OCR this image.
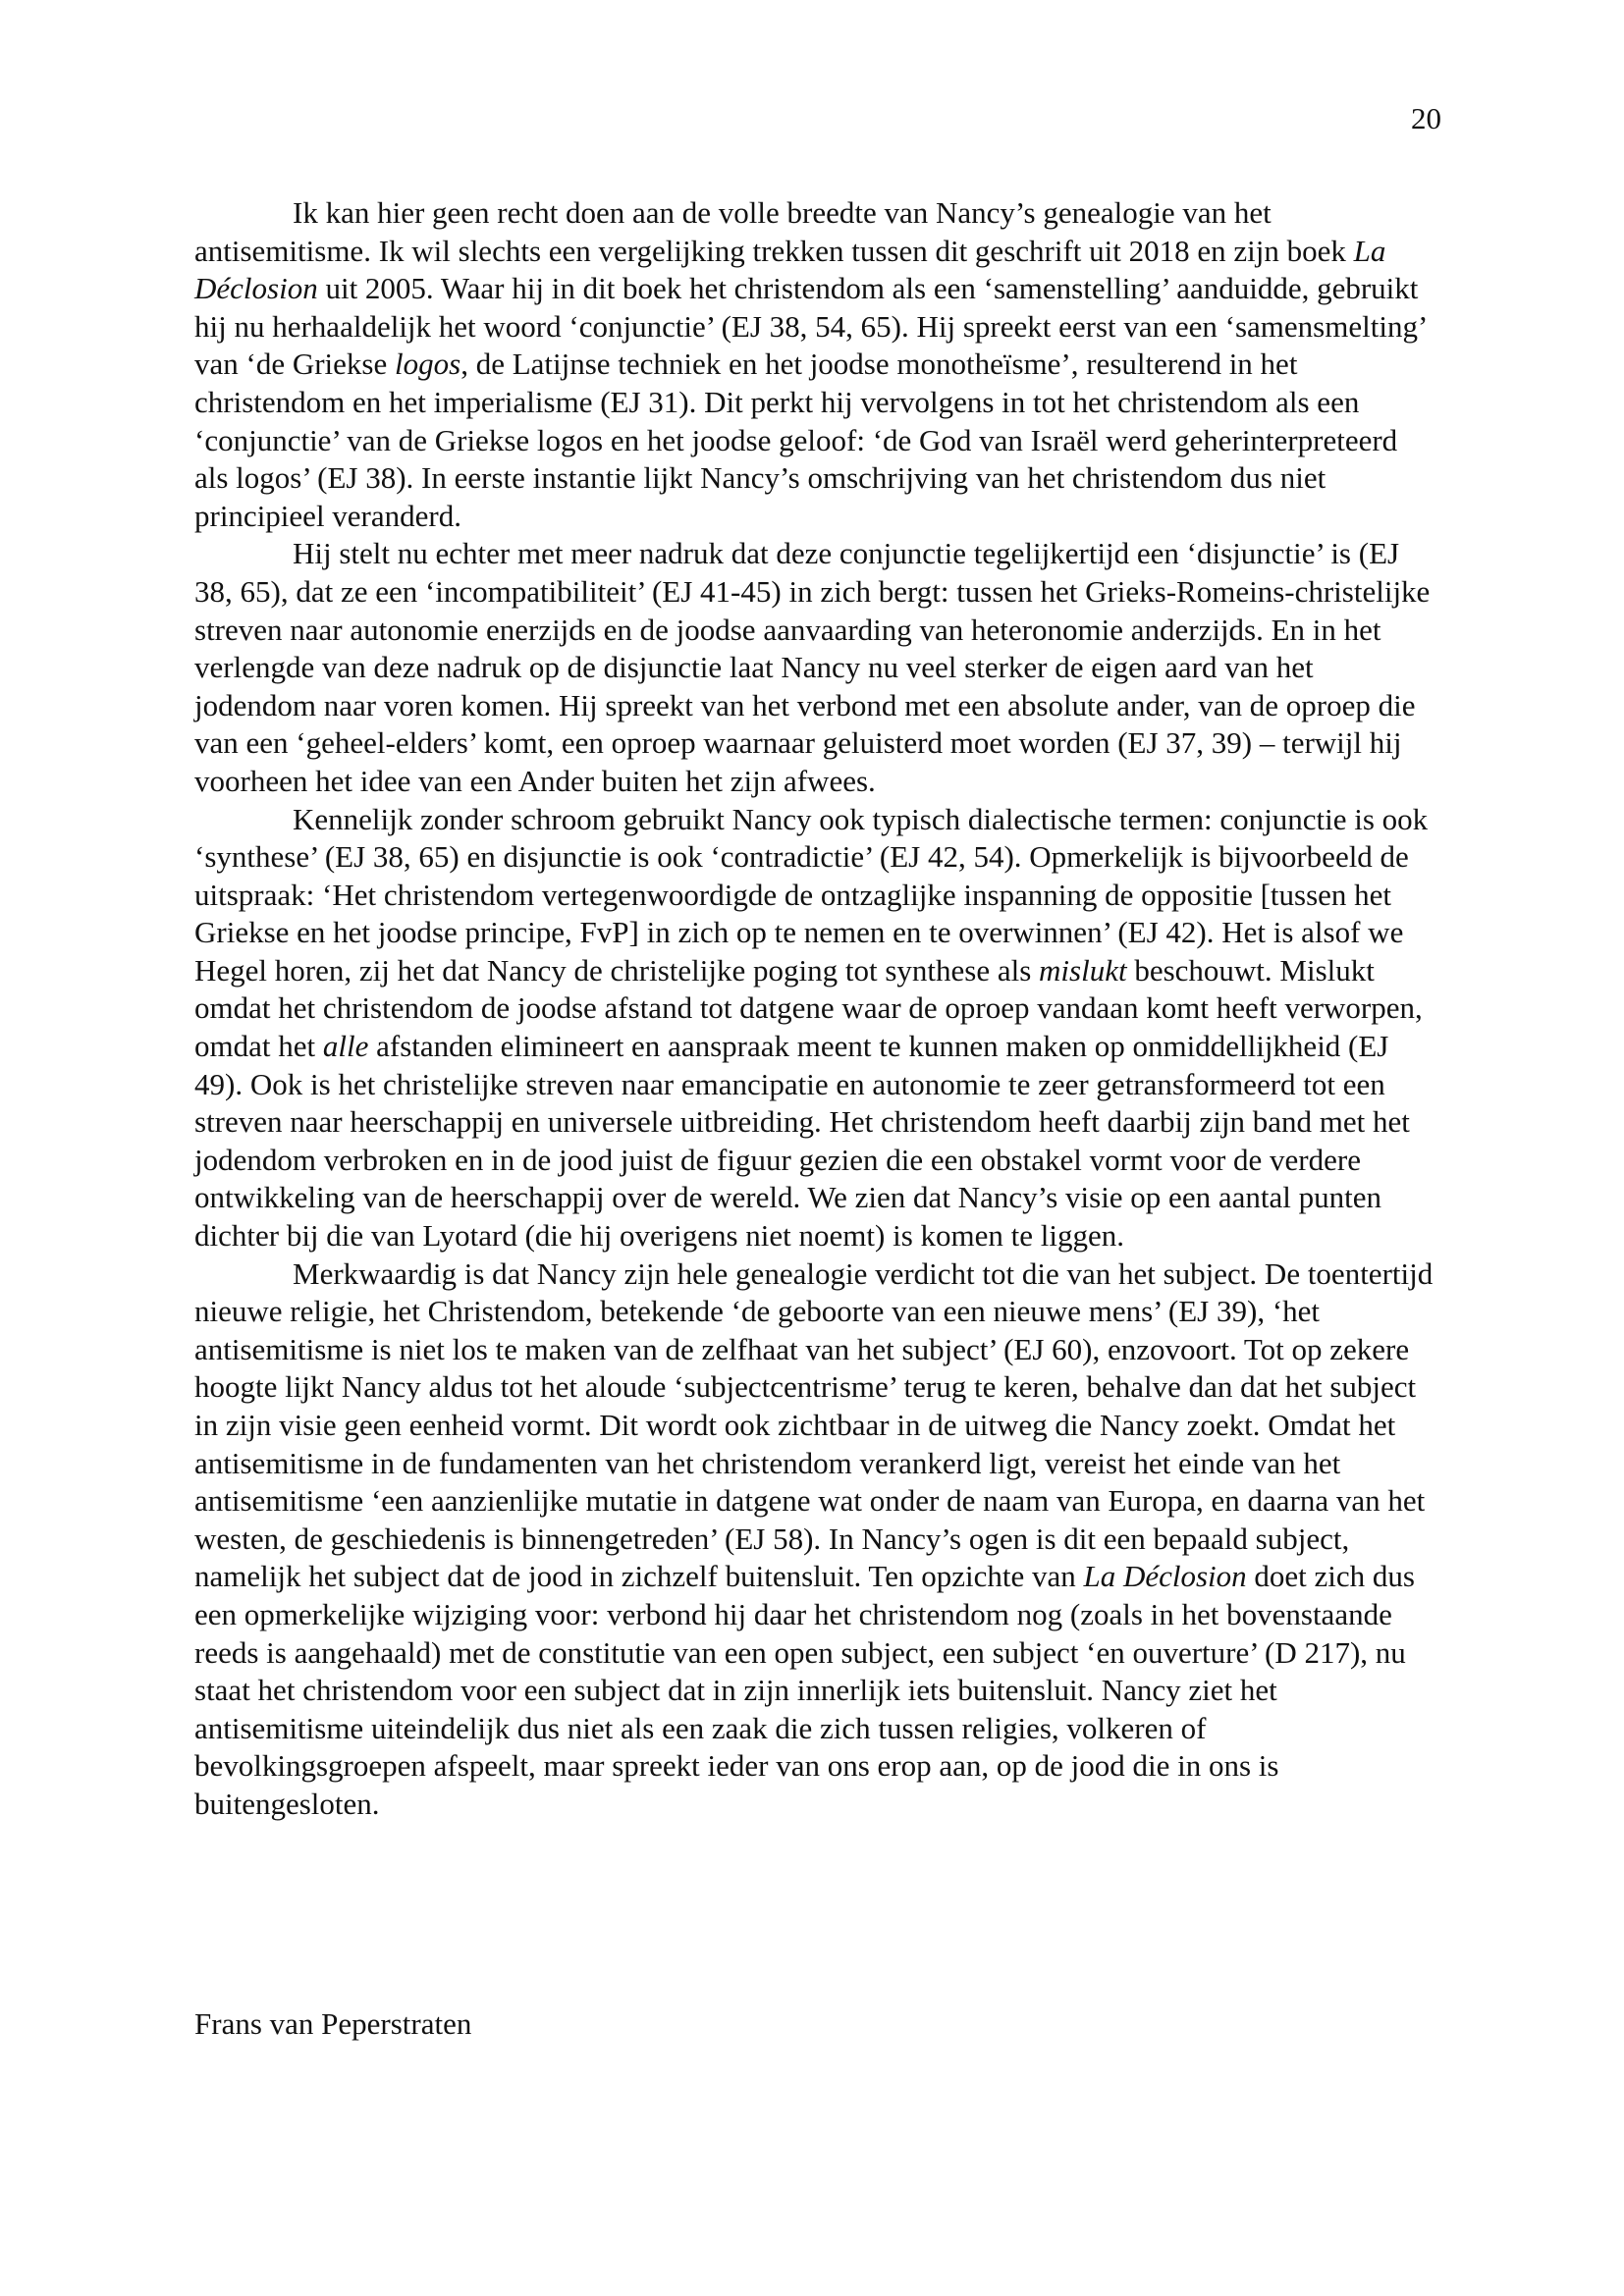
20

Ik kan hier geen recht doen aan de volle breedte van Nancy’s genealogie van het antisemitisme. Ik wil slechts een vergelijking trekken tussen dit geschrift uit 2018 en zijn boek La Déclosion uit 2005. Waar hij in dit boek het christendom als een ‘samenstelling’ aanduidde, gebruikt hij nu herhaaldelijk het woord ‘conjunctie’ (EJ 38, 54, 65). Hij spreekt eerst van een ‘samensmelting’ van ‘de Griekse logos, de Latijnse techniek en het joodse monotheïsme’, resulterend in het christendom en het imperialisme (EJ 31). Dit perkt hij vervolgens in tot het christendom als een ‘conjunctie’ van de Griekse logos en het joodse geloof: ‘de God van Israël werd geherinterpreteerd als logos’ (EJ 38). In eerste instantie lijkt Nancy’s omschrijving van het christendom dus niet principieel veranderd.

Hij stelt nu echter met meer nadruk dat deze conjunctie tegelijkertijd een ‘disjunctie’ is (EJ 38, 65), dat ze een ‘incompatibiliteit’ (EJ 41-45) in zich bergt: tussen het Grieks-Romeins-christelijke streven naar autonomie enerzijds en de joodse aanvaarding van heteronomie anderzijds. En in het verlengde van deze nadruk op de disjunctie laat Nancy nu veel sterker de eigen aard van het jodendom naar voren komen. Hij spreekt van het verbond met een absolute ander, van de oproep die van een ‘geheel-elders’ komt, een oproep waarnaar geluisterd moet worden (EJ 37, 39) – terwijl hij voorheen het idee van een Ander buiten het zijn afwees.

Kennelijk zonder schroom gebruikt Nancy ook typisch dialectische termen: conjunctie is ook ‘synthese’ (EJ 38, 65) en disjunctie is ook ‘contradictie’ (EJ 42, 54). Opmerkelijk is bijvoorbeeld de uitspraak: ‘Het christendom vertegenwoordigde de ontzaglijke inspanning de oppositie [tussen het Griekse en het joodse principe, FvP] in zich op te nemen en te overwinnen’ (EJ 42). Het is alsof we Hegel horen, zij het dat Nancy de christelijke poging tot synthese als mislukt beschouwt. Mislukt omdat het christendom de joodse afstand tot datgene waar de oproep vandaan komt heeft verworpen, omdat het alle afstanden elimineert en aanspraak meent te kunnen maken op onmiddellijkheid (EJ 49). Ook is het christelijke streven naar emancipatie en autonomie te zeer getransformeerd tot een streven naar heerschappij en universele uitbreiding. Het christendom heeft daarbij zijn band met het jodendom verbroken en in de jood juist de figuur gezien die een obstakel vormt voor de verdere ontwikkeling van de heerschappij over de wereld. We zien dat Nancy’s visie op een aantal punten dichter bij die van Lyotard (die hij overigens niet noemt) is komen te liggen.

Merkwaardig is dat Nancy zijn hele genealogie verdicht tot die van het subject. De toentertijd nieuwe religie, het Christendom, betekende ‘de geboorte van een nieuwe mens’ (EJ 39), ‘het antisemitisme is niet los te maken van de zelfhaat van het subject’ (EJ 60), enzovoort. Tot op zekere hoogte lijkt Nancy aldus tot het aloude ‘subjectcentrisme’ terug te keren, behalve dan dat het subject in zijn visie geen eenheid vormt. Dit wordt ook zichtbaar in de uitweg die Nancy zoekt. Omdat het antisemitisme in de fundamenten van het christendom verankerd ligt, vereist het einde van het antisemitisme ‘een aanzienlijke mutatie in datgene wat onder de naam van Europa, en daarna van het westen, de geschiedenis is binnengetreden’ (EJ 58). In Nancy’s ogen is dit een bepaald subject, namelijk het subject dat de jood in zichzelf buitensluit. Ten opzichte van La Déclosion doet zich dus een opmerkelijke wijziging voor: verbond hij daar het christendom nog (zoals in het bovenstaande reeds is aangehaald) met de constitutie van een open subject, een subject ‘en ouverture’ (D 217), nu staat het christendom voor een subject dat in zijn innerlijk iets buitensluit. Nancy ziet het antisemitisme uiteindelijk dus niet als een zaak die zich tussen religies, volkeren of bevolkingsgroepen afspeelt, maar spreekt ieder van ons erop aan, op de jood die in ons is buitengesloten.

Frans van Peperstraten
